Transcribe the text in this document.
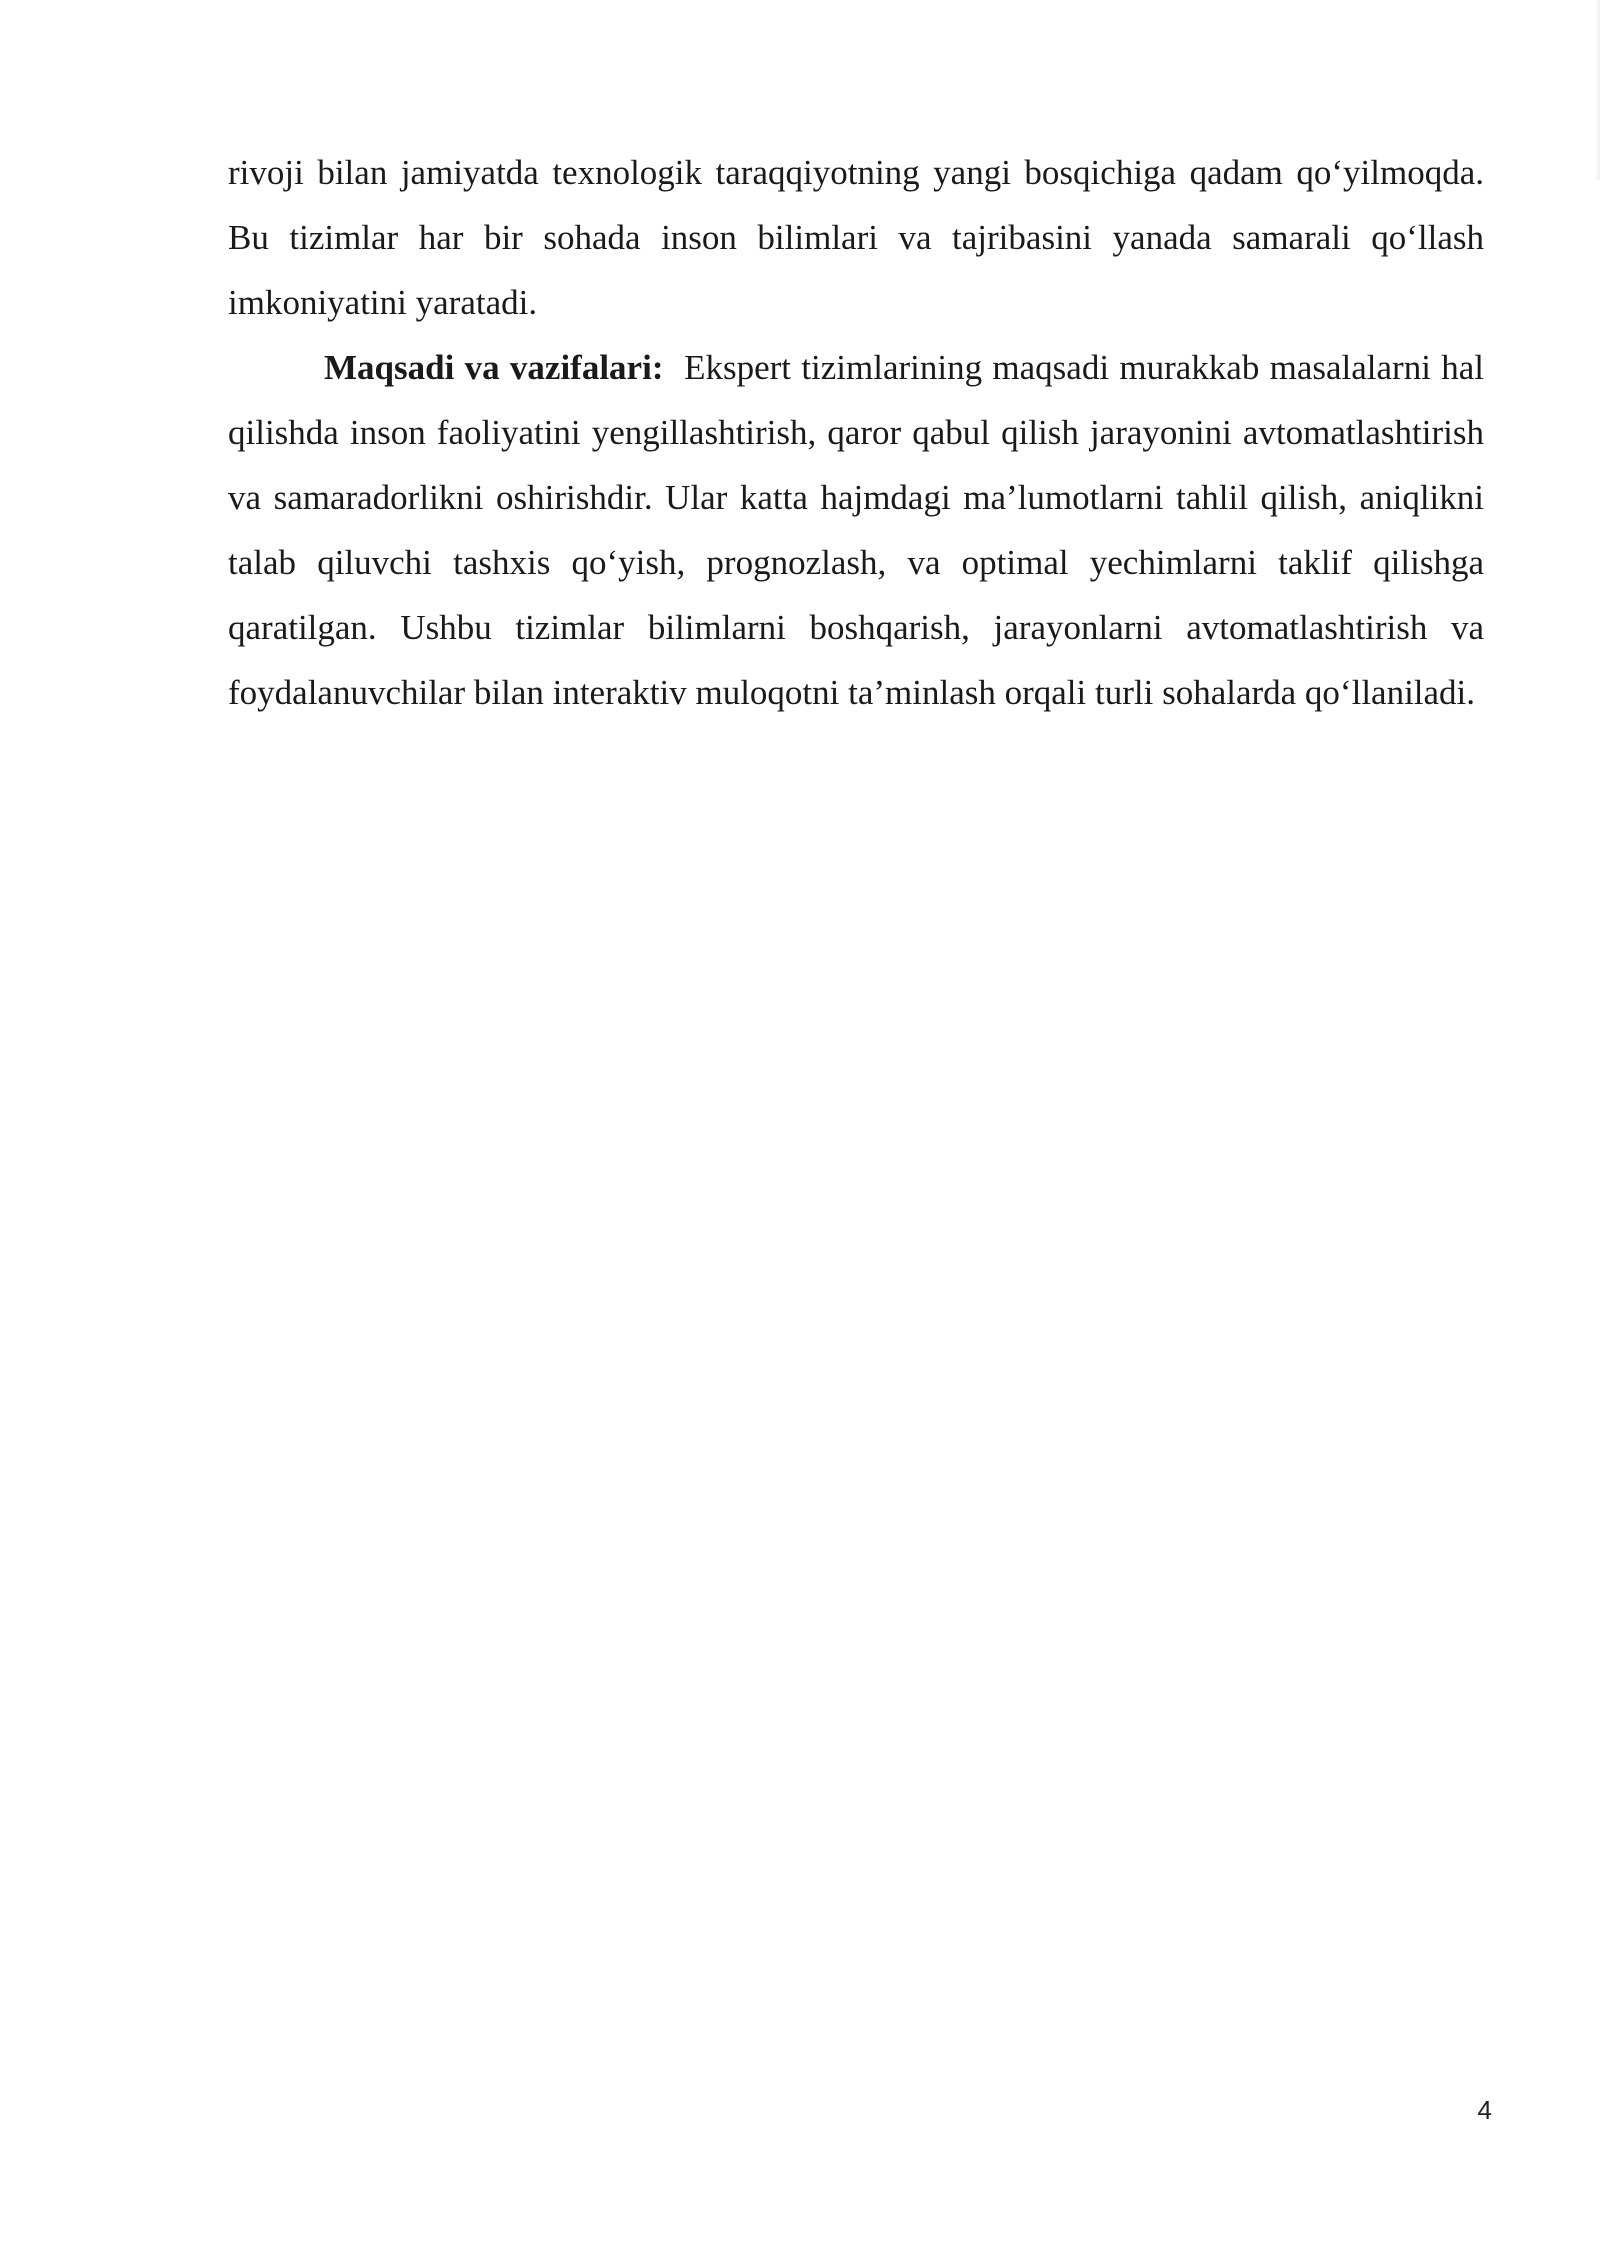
rivoji bilan jamiyatda texnologik taraqqiyotning yangi bosqichiga qadam qo‘yilmoqda. Bu tizimlar har bir sohada inson bilimlari va tajribasini yanada samarali qo‘llash imkoniyatini yaratadi.

Maqsadi va vazifalari: Ekspert tizimlarining maqsadi murakkab masalalarni hal qilishda inson faoliyatini yengillashtirish, qaror qabul qilish jarayonini avtomatlashtirish va samaradorlikni oshirishdir. Ular katta hajmdagi ma’lumotlarni tahlil qilish, aniqlikni talab qiluvchi tashxis qo‘yish, prognozlash, va optimal yechimlarni taklif qilishga qaratilgan. Ushbu tizimlar bilimlarni boshqarish, jarayonlarni avtomatlashtirish va foydalanuvchilar bilan interaktiv muloqotni ta’minlash orqali turli sohalarda qo‘llaniladi.

4
